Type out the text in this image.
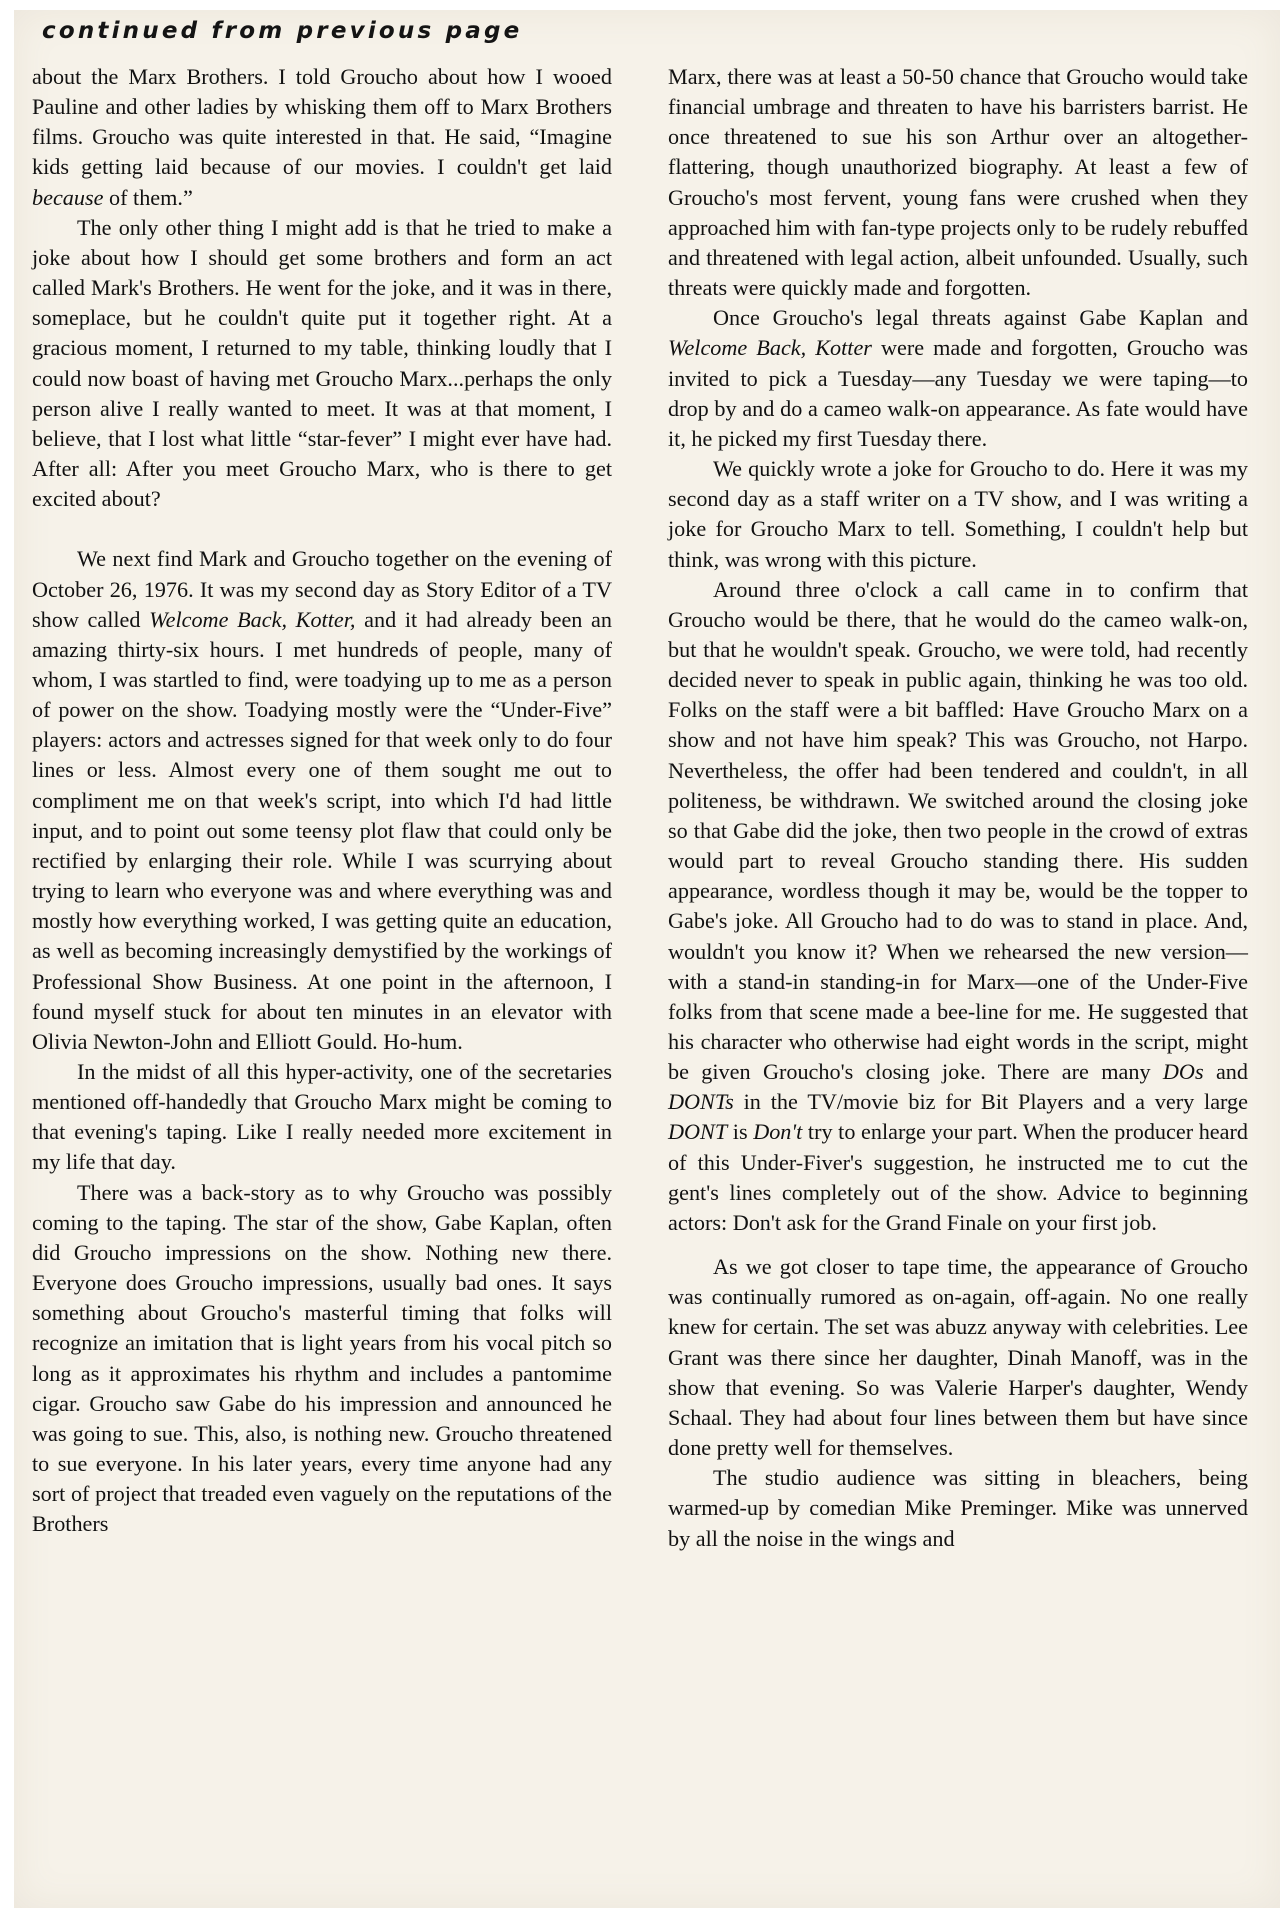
continued from previous page

about the Marx Brothers. I told Groucho about how I wooed Pauline and other ladies by whisking them off to Marx Brothers films. Groucho was quite interested in that. He said, “Imagine kids getting laid because of our movies. I couldn't get laid because of them.”

The only other thing I might add is that he tried to make a joke about how I should get some brothers and form an act called Mark's Brothers. He went for the joke, and it was in there, someplace, but he couldn't quite put it together right. At a gracious moment, I returned to my table, thinking loudly that I could now boast of having met Groucho Marx...perhaps the only person alive I really wanted to meet. It was at that moment, I believe, that I lost what little “star-fever” I might ever have had. After all: After you meet Groucho Marx, who is there to get excited about?

We next find Mark and Groucho together on the evening of October 26, 1976. It was my second day as Story Editor of a TV show called Welcome Back, Kotter, and it had already been an amazing thirty-six hours. I met hundreds of people, many of whom, I was startled to find, were toadying up to me as a person of power on the show. Toadying mostly were the “Under-Five” players: actors and actresses signed for that week only to do four lines or less. Almost every one of them sought me out to compliment me on that week's script, into which I'd had little input, and to point out some teensy plot flaw that could only be rectified by enlarging their role. While I was scurrying about trying to learn who everyone was and where everything was and mostly how everything worked, I was getting quite an education, as well as becoming increasingly demystified by the workings of Professional Show Business. At one point in the afternoon, I found myself stuck for about ten minutes in an elevator with Olivia Newton-John and Elliott Gould. Ho-hum.

In the midst of all this hyper-activity, one of the secretaries mentioned off-handedly that Groucho Marx might be coming to that evening's taping. Like I really needed more excitement in my life that day.

There was a back-story as to why Groucho was possibly coming to the taping. The star of the show, Gabe Kaplan, often did Groucho impressions on the show. Nothing new there. Everyone does Groucho impressions, usually bad ones. It says something about Groucho's masterful timing that folks will recognize an imitation that is light years from his vocal pitch so long as it approximates his rhythm and includes a pantomime cigar. Groucho saw Gabe do his impression and announced he was going to sue. This, also, is nothing new. Groucho threatened to sue everyone. In his later years, every time anyone had any sort of project that treaded even vaguely on the reputations of the Brothers

Marx, there was at least a 50-50 chance that Groucho would take financial umbrage and threaten to have his barristers barrist. He once threatened to sue his son Arthur over an altogether-flattering, though unauthorized biography. At least a few of Groucho's most fervent, young fans were crushed when they approached him with fan-type projects only to be rudely rebuffed and threatened with legal action, albeit unfounded. Usually, such threats were quickly made and forgotten.

Once Groucho's legal threats against Gabe Kaplan and Welcome Back, Kotter were made and forgotten, Groucho was invited to pick a Tuesday—any Tuesday we were taping—to drop by and do a cameo walk-on appearance. As fate would have it, he picked my first Tuesday there.

We quickly wrote a joke for Groucho to do. Here it was my second day as a staff writer on a TV show, and I was writing a joke for Groucho Marx to tell. Something, I couldn't help but think, was wrong with this picture.

Around three o'clock a call came in to confirm that Groucho would be there, that he would do the cameo walk-on, but that he wouldn't speak. Groucho, we were told, had recently decided never to speak in public again, thinking he was too old. Folks on the staff were a bit baffled: Have Groucho Marx on a show and not have him speak? This was Groucho, not Harpo. Nevertheless, the offer had been tendered and couldn't, in all politeness, be withdrawn. We switched around the closing joke so that Gabe did the joke, then two people in the crowd of extras would part to reveal Groucho standing there. His sudden appearance, wordless though it may be, would be the topper to Gabe's joke. All Groucho had to do was to stand in place. And, wouldn't you know it? When we rehearsed the new version—with a stand-in standing-in for Marx—one of the Under-Five folks from that scene made a bee-line for me. He suggested that his character who otherwise had eight words in the script, might be given Groucho's closing joke. There are many DOs and DONTs in the TV/movie biz for Bit Players and a very large DONT is Don't try to enlarge your part. When the producer heard of this Under-Fiver's suggestion, he instructed me to cut the gent's lines completely out of the show. Advice to beginning actors: Don't ask for the Grand Finale on your first job.

As we got closer to tape time, the appearance of Groucho was continually rumored as on-again, off-again. No one really knew for certain. The set was abuzz anyway with celebrities. Lee Grant was there since her daughter, Dinah Manoff, was in the show that evening. So was Valerie Harper's daughter, Wendy Schaal. They had about four lines between them but have since done pretty well for themselves.

The studio audience was sitting in bleachers, being warmed-up by comedian Mike Preminger. Mike was unnerved by all the noise in the wings and
